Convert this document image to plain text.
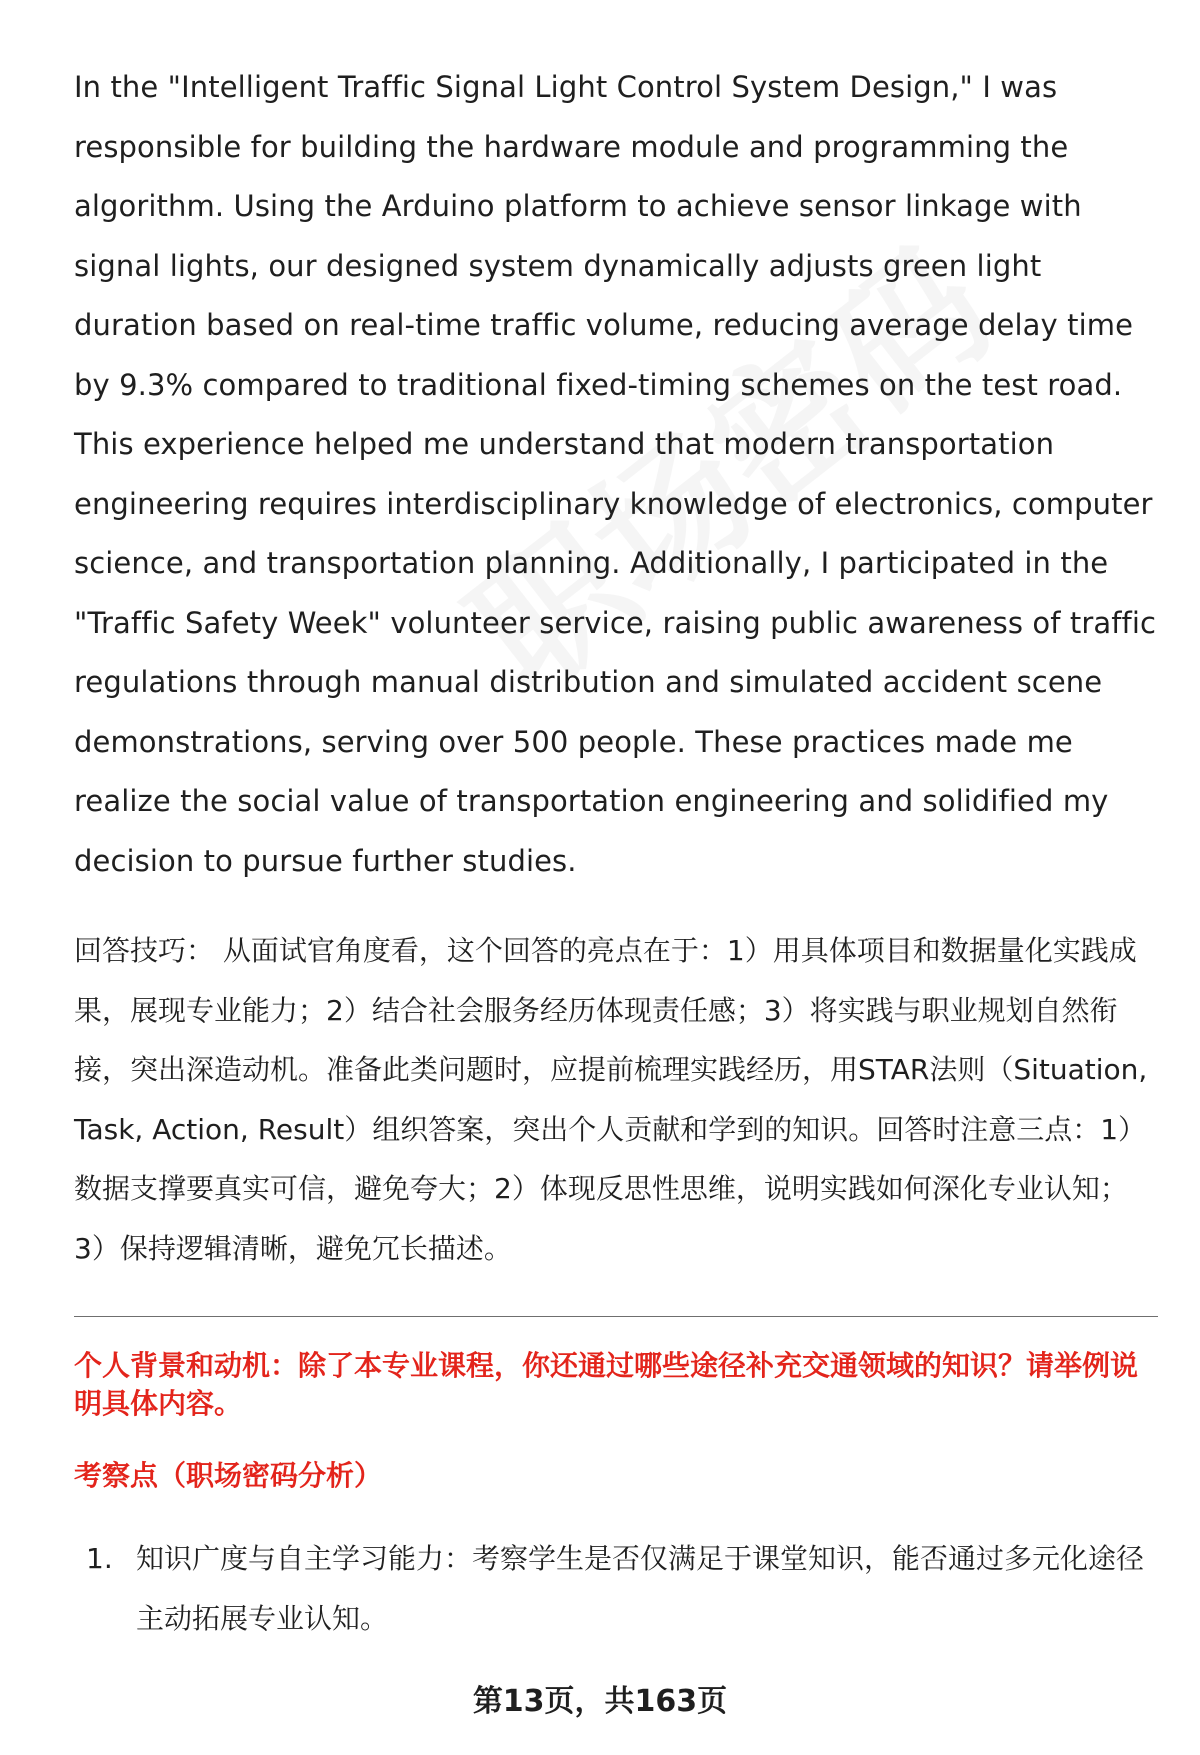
In the "Intelligent Traffic Signal Light Control System Design," I was responsible for building the hardware module and programming the algorithm. Using the Arduino platform to achieve sensor linkage with signal lights, our designed system dynamically adjusts green light duration based on real-time traffic volume, reducing average delay time by 9.3% compared to traditional fixed-timing schemes on the test road. This experience helped me understand that modern transportation engineering requires interdisciplinary knowledge of electronics, computer science, and transportation planning. Additionally, I participated in the "Traffic Safety Week" volunteer service, raising public awareness of traffic regulations through manual distribution and simulated accident scene demonstrations, serving over 500 people. These practices made me realize the social value of transportation engineering and solidified my decision to pursue further studies.

回答技巧： 从面试官角度看，这个回答的亮点在于：1）用具体项目和数据量化实践成果，展现专业能力；2）结合社会服务经历体现责任感；3）将实践与职业规划自然衔接，突出深造动机。准备此类问题时，应提前梳理实践经历，用STAR法则（Situation, Task, Action, Result）组织答案，突出个人贡献和学到的知识。回答时注意三点：1）数据支撑要真实可信，避免夸大；2）体现反思性思维，说明实践如何深化专业认知；3）保持逻辑清晰，避免冗长描述。

个人背景和动机：除了本专业课程，你还通过哪些途径补充交通领域的知识？请举例说明具体内容。
考察点（职场密码分析）
1. 知识广度与自主学习能力：考察学生是否仅满足于课堂知识，能否通过多元化途径主动拓展专业认知。
第13页，共163页
